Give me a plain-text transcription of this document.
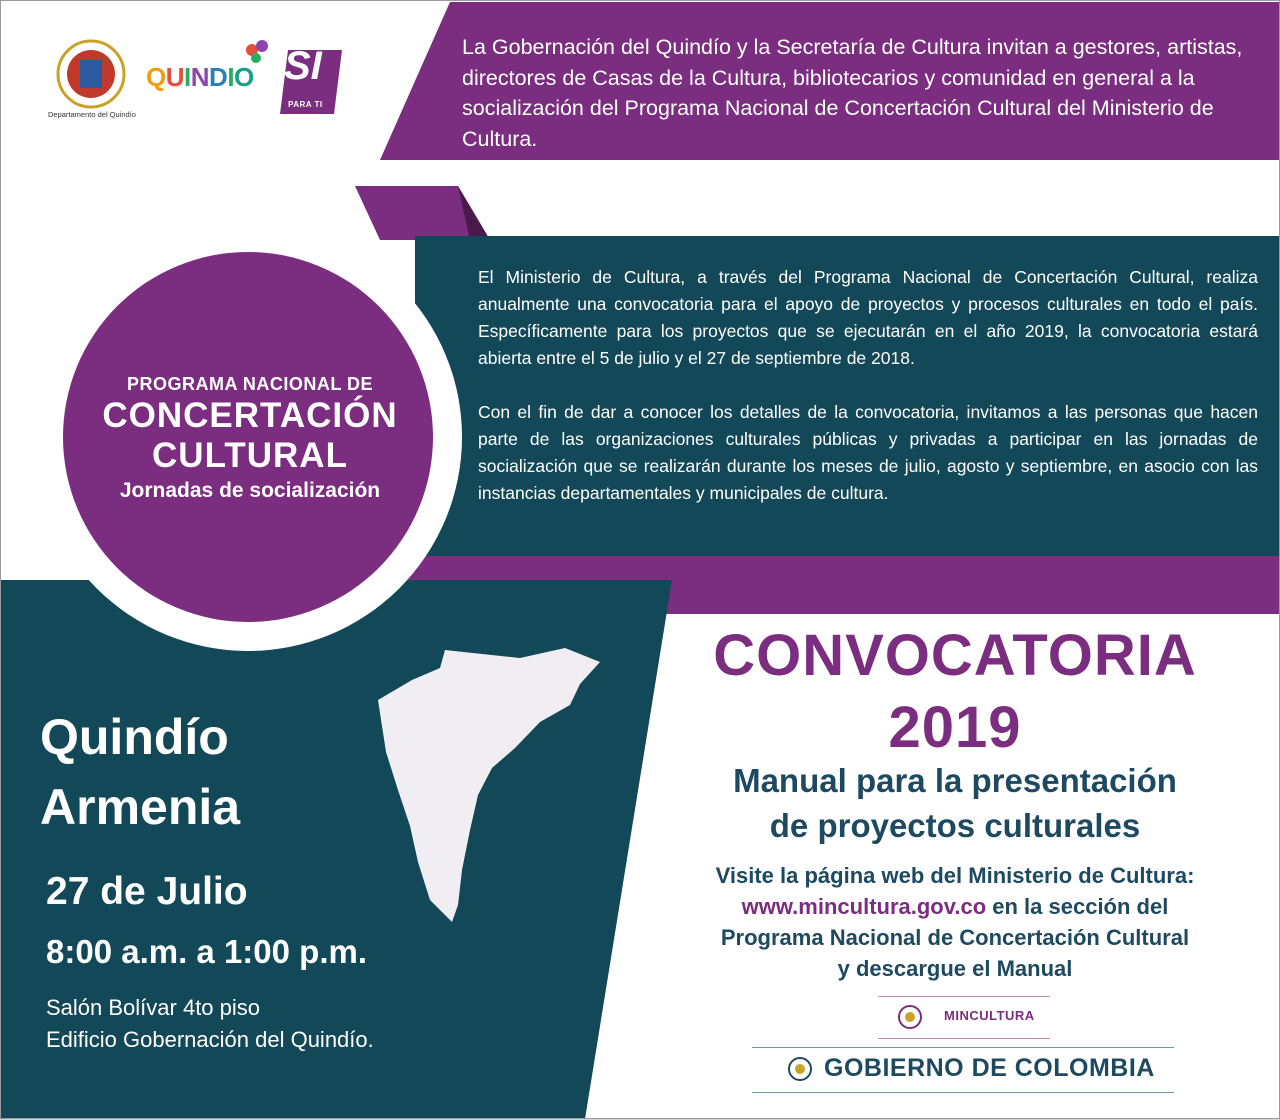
Departamento del Quindío
QUINDIO SÍ
PARA TI
La Gobernación del Quindío y la Secretaría de Cultura invitan a gestores, artistas, directores de Casas de la Cultura, bibliotecarios y comunidad en general a la socialización del Programa Nacional de Concertación Cultural del Ministerio de Cultura.

El Ministerio de Cultura, a través del Programa Nacional de Concertación Cultural, realiza anualmente una convocatoria para el apoyo de proyectos y procesos culturales en todo el país. Específicamente para los proyectos que se ejecutarán en el año 2019, la convocatoria estará abierta entre el 5 de julio y el 27 de septiembre de 2018.

Con el fin de dar a conocer los detalles de la convocatoria, invitamos a las personas que hacen parte de las organizaciones culturales públicas y privadas a participar en las jornadas de socialización que se realizarán durante los meses de julio, agosto y septiembre, en asocio con las instancias departamentales y municipales de cultura.

PROGRAMA NACIONAL DE
CONCERTACIÓN
CULTURAL
Jornadas de socialización
Quindío
Armenia
27 de Julio
8:00 a.m. a 1:00 p.m.
Salón Bolívar 4to piso
Edificio Gobernación del Quindío.
CONVOCATORIA
2019
Manual para la presentación
de proyectos culturales
Visite la página web del Ministerio de Cultura:
www.mincultura.gov.co en la sección del
Programa Nacional de Concertación Cultural
y descargue el Manual
MINCULTURA
GOBIERNO DE COLOMBIA
